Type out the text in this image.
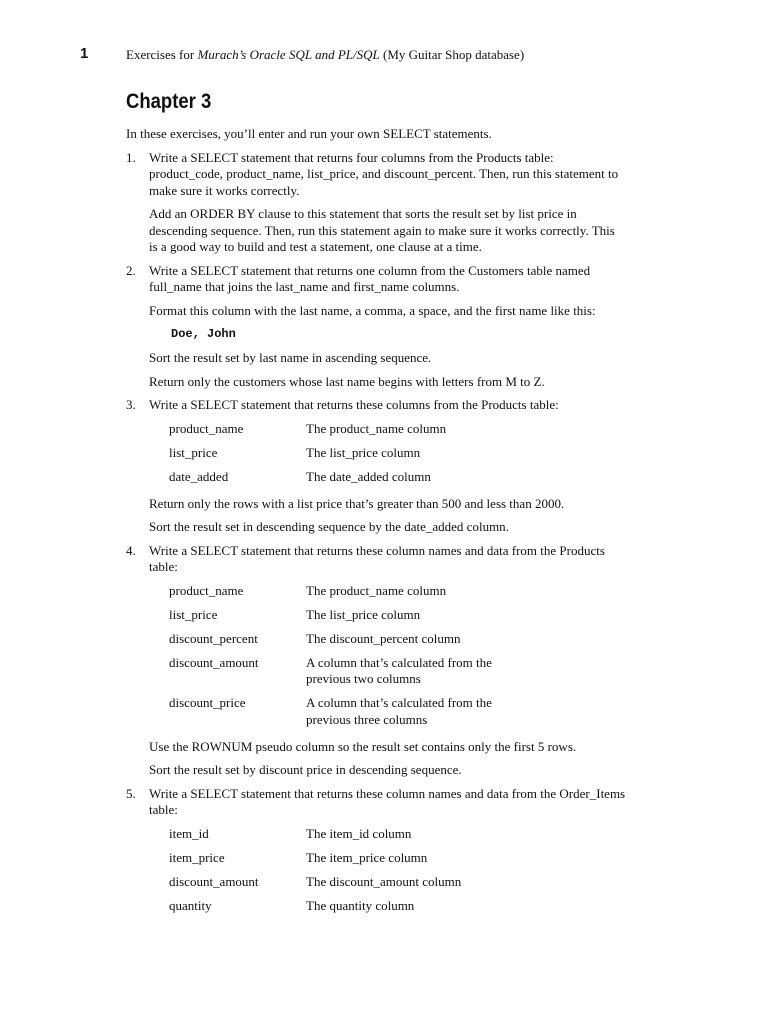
1	Exercises for Murach’s Oracle SQL and PL/SQL (My Guitar Shop database)
Chapter 3

In these exercises, you’ll enter and run your own SELECT statements.

1. Write a SELECT statement that returns four columns from the Products table: product_code, product_name, list_price, and discount_percent. Then, run this statement to make sure it works correctly.

Add an ORDER BY clause to this statement that sorts the result set by list price in descending sequence. Then, run this statement again to make sure it works correctly. This is a good way to build and test a statement, one clause at a time.

2. Write a SELECT statement that returns one column from the Customers table named full_name that joins the last_name and first_name columns.

Format this column with the last name, a comma, a space, and the first name like this:

Doe, John

Sort the result set by last name in ascending sequence.

Return only the customers whose last name begins with letters from M to Z.

3. Write a SELECT statement that returns these columns from the Products table:

product_name	The product_name column
list_price	The list_price column
date_added	The date_added column

Return only the rows with a list price that’s greater than 500 and less than 2000.

Sort the result set in descending sequence by the date_added column.

4. Write a SELECT statement that returns these column names and data from the Products table:

product_name	The product_name column
list_price	The list_price column
discount_percent	The discount_percent column
discount_amount	A column that’s calculated from the previous two columns
discount_price	A column that’s calculated from the previous three columns

Use the ROWNUM pseudo column so the result set contains only the first 5 rows.

Sort the result set by discount price in descending sequence.

5. Write a SELECT statement that returns these column names and data from the Order_Items table:

item_id	The item_id column
item_price	The item_price column
discount_amount	The discount_amount column
quantity	The quantity column
